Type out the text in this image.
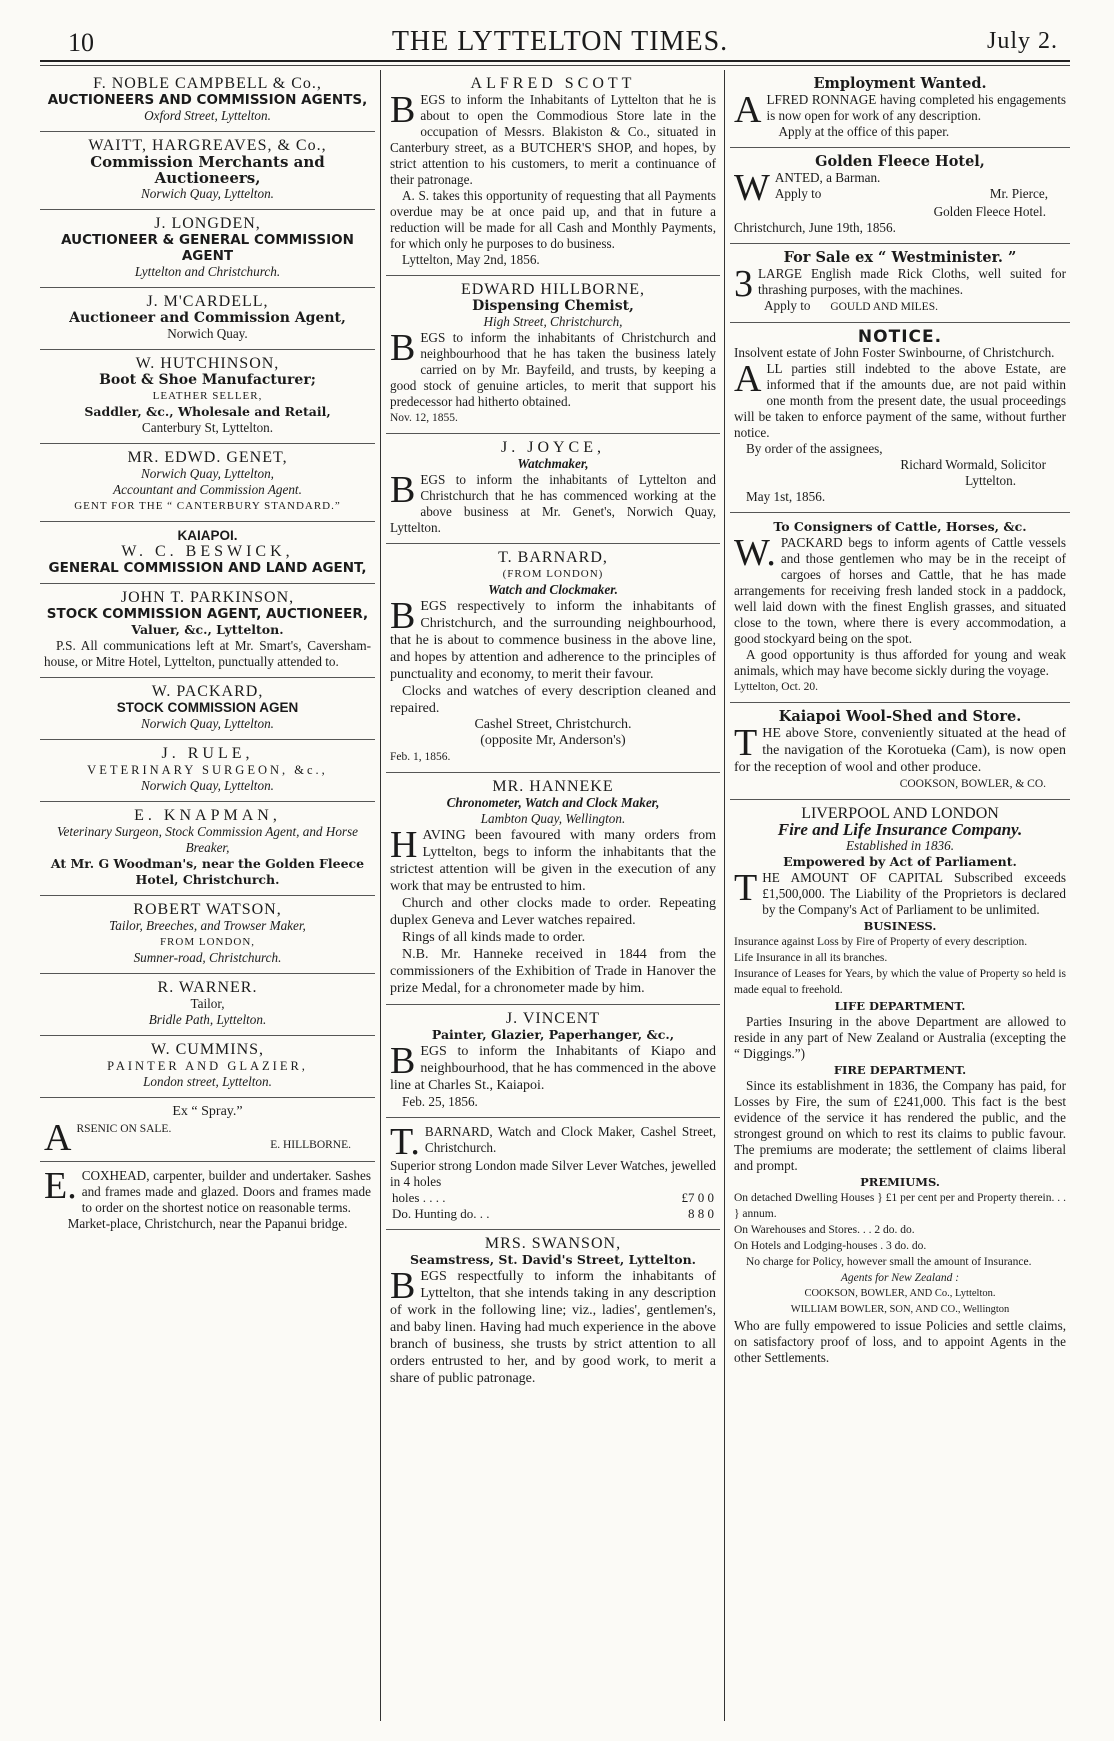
10	THE LYTTELTON TIMES.	July 2.
F. NOBLE CAMPBELL & Co.,
AUCTIONEERS AND COMMISSION AGENTS,
Oxford Street, Lyttelton.
WAITT, HARGREAVES, & Co.,
Commission Merchants and Auctioneers,
Norwich Quay, Lyttelton.
J. LONGDEN,
AUCTIONEER & GENERAL COMMISSION AGENT
Lyttelton and Christchurch.
J. M'CARDELL,
Auctioneer and Commission Agent,
Norwich Quay.
W. HUTCHINSON,
Boot & Shoe Manufacturer;
LEATHER SELLER,
Saddler, &c., Wholesale and Retail,
Canterbury St, Lyttelton.
MR. EDWD. GENET,
Norwich Quay, Lyttelton,
Accountant and Commission Agent.
GENT FOR THE “ CANTERBURY STANDARD.”
KAIAPOI.
W. C. BESWICK,
GENERAL COMMISSION AND LAND AGENT,
JOHN T. PARKINSON,
STOCK COMMISSION AGENT, AUCTIONEER,
Valuer, &c., Lyttelton.

P.S. All communications left at Mr. Smart's, Caversham-house, or Mitre Hotel, Lyttelton, punctually attended to.

W. PACKARD,
STOCK COMMISSION AGEN
Norwich Quay, Lyttelton.
J. RULE,
VETERINARY SURGEON, &c.,
Norwich Quay, Lyttelton.
E. KNAPMAN,
Veterinary Surgeon, Stock Commission Agent, and Horse Breaker,
At Mr. G Woodman's, near the Golden Fleece Hotel, Christchurch.
ROBERT WATSON,
Tailor, Breeches, and Trowser Maker,
FROM LONDON,
Sumner-road, Christchurch.
R. WARNER.
Tailor,
Bridle Path, Lyttelton.
W. CUMMINS,
PAINTER AND GLAZIER,
London street, Lyttelton.
Ex “ Spray.”

ARSENIC ON SALE.

E. HILLBORNE.

E. COXHEAD, carpenter, builder and undertaker. Sashes and frames made and glazed. Doors and frames made to order on the shortest notice on reasonable terms.

Market-place, Christchurch, near the Papanui bridge.

ALFRED SCOTT

BEGS to inform the Inhabitants of Lyttelton that he is about to open the Commodious Store late in the occupation of Messrs. Blakiston & Co., situated in Canterbury street, as a BUTCHER'S SHOP, and hopes, by strict attention to his customers, to merit a continuance of their patronage.

A. S. takes this opportunity of requesting that all Payments overdue may be at once paid up, and that in future a reduction will be made for all Cash and Monthly Payments, for which only he purposes to do business.

Lyttelton, May 2nd, 1856.

EDWARD HILLBORNE,
Dispensing Chemist,
High Street, Christchurch,

BEGS to inform the inhabitants of Christchurch and neighbourhood that he has taken the business lately carried on by Mr. Bayfeild, and trusts, by keeping a good stock of genuine articles, to merit that support his predecessor had hitherto obtained.

Nov. 12, 1855.

J. JOYCE,
Watchmaker,

BEGS to inform the inhabitants of Lyttelton and Christchurch that he has commenced working at the above business at Mr. Genet's, Norwich Quay, Lyttelton.

T. BARNARD,
(FROM LONDON)
Watch and Clockmaker.

BEGS respectively to inform the inhabitants of Christchurch, and the surrounding neighbourhood, that he is about to commence business in the above line, and hopes by attention and adherence to the principles of punctuality and economy, to merit their favour.

Clocks and watches of every description cleaned and repaired.

Cashel Street, Christchurch.
(opposite Mr, Anderson's)

Feb. 1, 1856.

MR. HANNEKE
Chronometer, Watch and Clock Maker,
Lambton Quay, Wellington.

HAVING been favoured with many orders from Lyttelton, begs to inform the inhabitants that the strictest attention will be given in the execution of any work that may be entrusted to him.

Church and other clocks made to order. Repeating duplex Geneva and Lever watches repaired.

Rings of all kinds made to order.

N.B. Mr. Hanneke received in 1844 from the commissioners of the Exhibition of Trade in Hanover the prize Medal, for a chronometer made by him.

J. VINCENT
Painter, Glazier, Paperhanger, &c.,

BEGS to inform the Inhabitants of Kiapo and neighbourhood, that he has commenced in the above line at Charles St., Kaiapoi.

Feb. 25, 1856.

T. BARNARD, Watch and Clock Maker, Cashel Street, Christchurch.

Superior strong London made Silver Lever Watches, jewelled in 4 holes

holes . . . .	£7 0 0
Do. Hunting do. . .	8 8 0
MRS. SWANSON,
Seamstress, St. David's Street, Lyttelton.

BEGS respectfully to inform the inhabitants of Lyttelton, that she intends taking in any description of work in the following line; viz., ladies', gentlemen's, and baby linen. Having had much experience in the above branch of business, she trusts by strict attention to all orders entrusted to her, and by good work, to merit a share of public patronage.

Employment Wanted.

ALFRED RONNAGE having completed his engagements is now open for work of any description.

Apply at the office of this paper.

Golden Fleece Hotel,

WANTED, a Barman.

Apply to	Mr. Pierce,

Golden Fleece Hotel.

Christchurch, June 19th, 1856.

For Sale ex “ Westminister. ”

3 LARGE English made Rick Cloths, well suited for thrashing purposes, with the machines.

Apply to GOULD AND MILES.

NOTICE.

Insolvent estate of John Foster Swinbourne, of Christchurch.

ALL parties still indebted to the above Estate, are informed that if the amounts due, are not paid within one month from the present date, the usual proceedings will be taken to enforce payment of the same, without further notice.

By order of the assignees,

Richard Wormald, Solicitor
Lyttelton.

May 1st, 1856.

To Consigners of Cattle, Horses, &c.

W. PACKARD begs to inform agents of Cattle vessels and those gentlemen who may be in the receipt of cargoes of horses and Cattle, that he has made arrangements for receiving fresh landed stock in a paddock, well laid down with the finest English grasses, and situated close to the town, where there is every accommodation, a good stockyard being on the spot.

A good opportunity is thus afforded for young and weak animals, which may have become sickly during the voyage.

Lyttelton, Oct. 20.

Kaiapoi Wool-Shed and Store.

THE above Store, conveniently situated at the head of the navigation of the Korotueka (Cam), is now open for the reception of wool and other produce.

COOKSON, BOWLER, & CO.
LIVERPOOL AND LONDON
Fire and Life Insurance Company.
Established in 1836.
Empowered by Act of Parliament.

THE AMOUNT OF CAPITAL Subscribed exceeds £1,500,000. The Liability of the Proprietors is declared by the Company's Act of Parliament to be unlimited.

BUSINESS.

Insurance against Loss by Fire of Property of every description.

Life Insurance in all its branches.

Insurance of Leases for Years, by which the value of Property so held is made equal to freehold.

LIFE DEPARTMENT.

Parties Insuring in the above Department are allowed to reside in any part of New Zealand or Australia (excepting the “ Diggings.”)

FIRE DEPARTMENT.

Since its establishment in 1836, the Company has paid, for Losses by Fire, the sum of £241,000. This fact is the best evidence of the service it has rendered the public, and the strongest ground on which to rest its claims to public favour. The premiums are moderate; the settlement of claims liberal and prompt.

PREMIUMS.

On detached Dwelling Houses } £1 per cent per and Property therein. . . } annum.

On Warehouses and Stores. . . 2 do. do.

On Hotels and Lodging-houses . 3 do. do.

No charge for Policy, however small the amount of Insurance.

Agents for New Zealand :
COOKSON, BOWLER, AND Co., Lyttelton.
WILLIAM BOWLER, SON, AND CO., Wellington

Who are fully empowered to issue Policies and settle claims, on satisfactory proof of loss, and to appoint Agents in the other Settlements.
